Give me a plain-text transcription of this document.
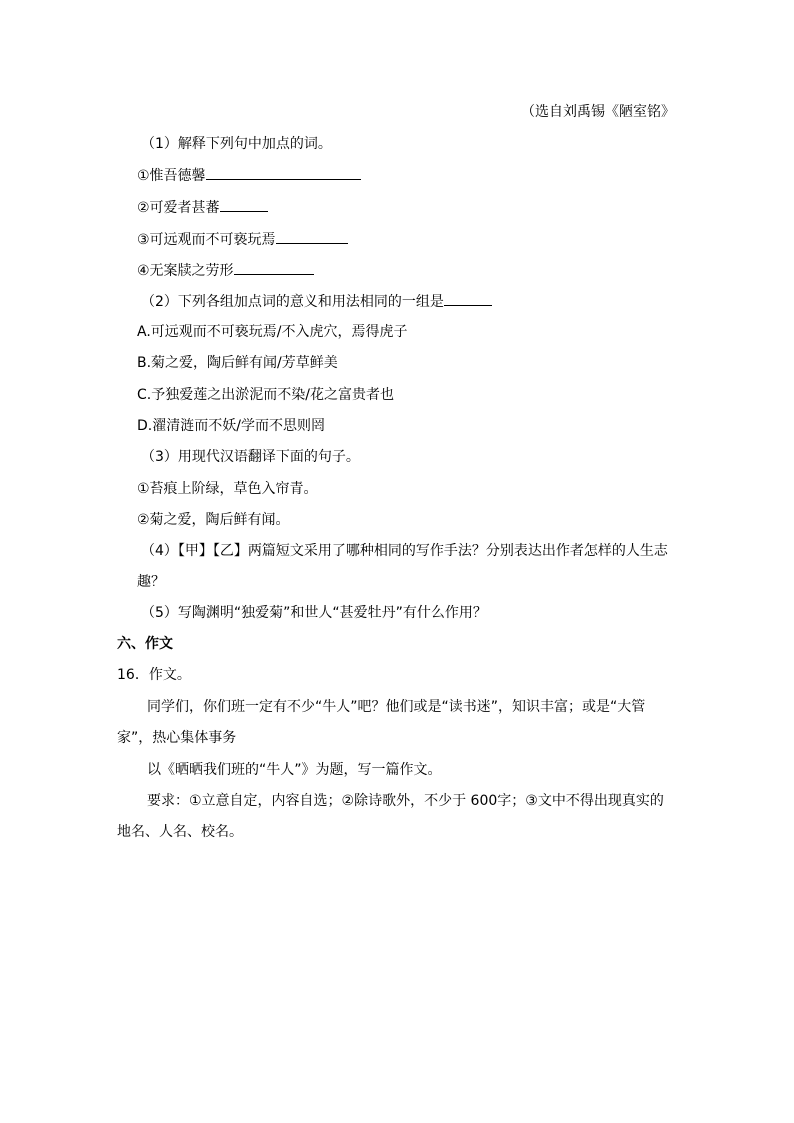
（选自刘禹锡《陋室铭》
（1）解释下列句中加点的词。
①惟吾德馨
②可爱者甚蕃
③可远观而不可亵玩焉
④无案牍之劳形
（2）下列各组加点词的意义和用法相同的一组是
A.可远观而不可亵玩焉/不入虎穴，焉得虎子
B.菊之爱，陶后鲜有闻/芳草鲜美
C.予独爱莲之出淤泥而不染/花之富贵者也
D.濯清涟而不妖/学而不思则罔
（3）用现代汉语翻译下面的句子。
①苔痕上阶绿，草色入帘青。
②菊之爱，陶后鲜有闻。
（4）【甲】【乙】两篇短文采用了哪种相同的写作手法？分别表达出作者怎样的人生志
趣？
（5）写陶渊明“独爱菊”和世人“甚爱牡丹”有什么作用？
六、作文
16．作文。
同学们，你们班一定有不少“牛人”吧？他们或是“读书迷”，知识丰富；或是“大管
家”，热心集体事务
以《晒晒我们班的“牛人”》为题，写一篇作文。
要求：①立意自定，内容自选；②除诗歌外，不少于 600字；③文中不得出现真实的
地名、人名、校名。
